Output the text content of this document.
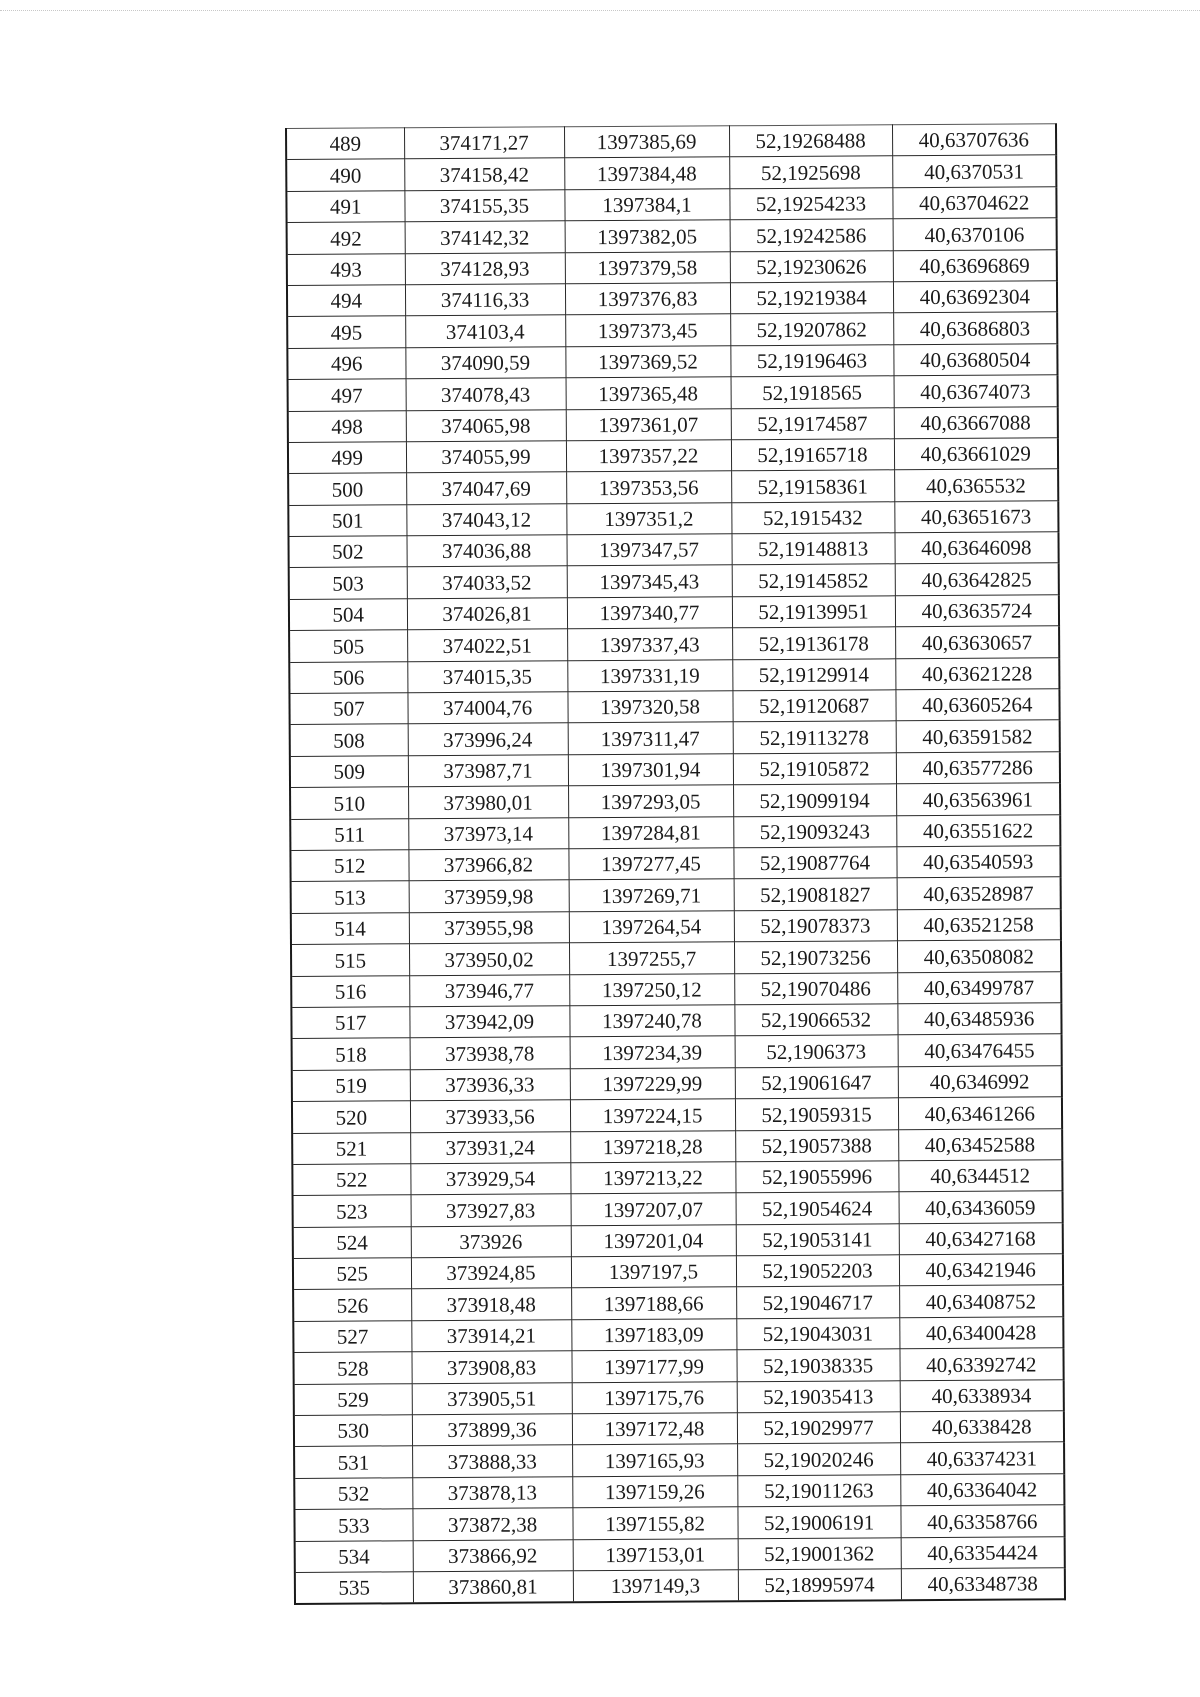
489	374171,27	1397385,69	52,19268488	40,63707636
490	374158,42	1397384,48	52,1925698	40,6370531
491	374155,35	1397384,1	52,19254233	40,63704622
492	374142,32	1397382,05	52,19242586	40,6370106
493	374128,93	1397379,58	52,19230626	40,63696869
494	374116,33	1397376,83	52,19219384	40,63692304
495	374103,4	1397373,45	52,19207862	40,63686803
496	374090,59	1397369,52	52,19196463	40,63680504
497	374078,43	1397365,48	52,1918565	40,63674073
498	374065,98	1397361,07	52,19174587	40,63667088
499	374055,99	1397357,22	52,19165718	40,63661029
500	374047,69	1397353,56	52,19158361	40,6365532
501	374043,12	1397351,2	52,1915432	40,63651673
502	374036,88	1397347,57	52,19148813	40,63646098
503	374033,52	1397345,43	52,19145852	40,63642825
504	374026,81	1397340,77	52,19139951	40,63635724
505	374022,51	1397337,43	52,19136178	40,63630657
506	374015,35	1397331,19	52,19129914	40,63621228
507	374004,76	1397320,58	52,19120687	40,63605264
508	373996,24	1397311,47	52,19113278	40,63591582
509	373987,71	1397301,94	52,19105872	40,63577286
510	373980,01	1397293,05	52,19099194	40,63563961
511	373973,14	1397284,81	52,19093243	40,63551622
512	373966,82	1397277,45	52,19087764	40,63540593
513	373959,98	1397269,71	52,19081827	40,63528987
514	373955,98	1397264,54	52,19078373	40,63521258
515	373950,02	1397255,7	52,19073256	40,63508082
516	373946,77	1397250,12	52,19070486	40,63499787
517	373942,09	1397240,78	52,19066532	40,63485936
518	373938,78	1397234,39	52,1906373	40,63476455
519	373936,33	1397229,99	52,19061647	40,6346992
520	373933,56	1397224,15	52,19059315	40,63461266
521	373931,24	1397218,28	52,19057388	40,63452588
522	373929,54	1397213,22	52,19055996	40,6344512
523	373927,83	1397207,07	52,19054624	40,63436059
524	373926	1397201,04	52,19053141	40,63427168
525	373924,85	1397197,5	52,19052203	40,63421946
526	373918,48	1397188,66	52,19046717	40,63408752
527	373914,21	1397183,09	52,19043031	40,63400428
528	373908,83	1397177,99	52,19038335	40,63392742
529	373905,51	1397175,76	52,19035413	40,6338934
530	373899,36	1397172,48	52,19029977	40,6338428
531	373888,33	1397165,93	52,19020246	40,63374231
532	373878,13	1397159,26	52,19011263	40,63364042
533	373872,38	1397155,82	52,19006191	40,63358766
534	373866,92	1397153,01	52,19001362	40,63354424
535	373860,81	1397149,3	52,18995974	40,63348738
